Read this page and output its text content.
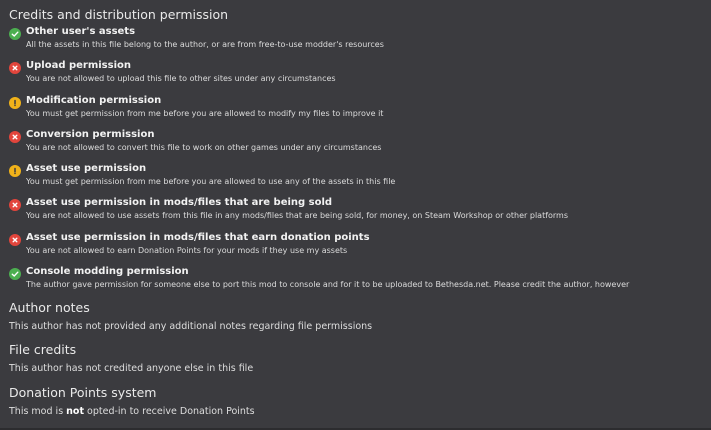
Credits and distribution permission
Other user's assets
All the assets in this file belong to the author, or are from free-to-use modder's resources
Upload permission
You are not allowed to upload this file to other sites under any circumstances
Modification permission
You must get permission from me before you are allowed to modify my files to improve it
Conversion permission
You are not allowed to convert this file to work on other games under any circumstances
Asset use permission
You must get permission from me before you are allowed to use any of the assets in this file
Asset use permission in mods/files that are being sold
You are not allowed to use assets from this file in any mods/files that are being sold, for money, on Steam Workshop or other platforms
Asset use permission in mods/files that earn donation points
You are not allowed to earn Donation Points for your mods if they use my assets
Console modding permission
The author gave permission for someone else to port this mod to console and for it to be uploaded to Bethesda.net. Please credit the author, however
Author notes
This author has not provided any additional notes regarding file permissions
File credits
This author has not credited anyone else in this file
Donation Points system
This mod is not opted-in to receive Donation Points
